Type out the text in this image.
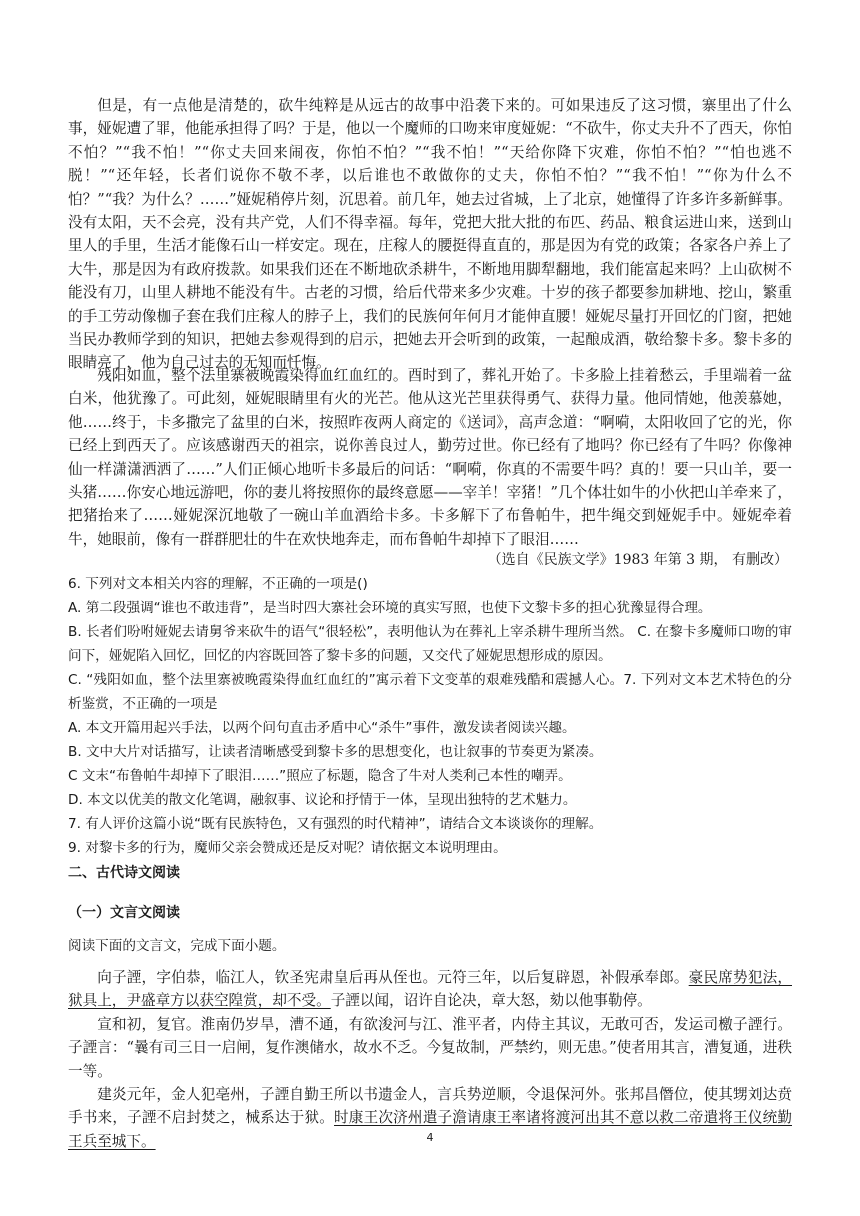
但是，有一点他是清楚的，砍牛纯粹是从远古的故事中沿袭下来的。可如果违反了这习惯，寨里出了什么事，娅妮遭了罪，他能承担得了吗？于是，他以一个魔师的口吻来审度娅妮：“不砍牛，你丈夫升不了西天，你怕不怕？”“我不怕！”“你丈夫回来闹夜，你怕不怕？”“我不怕！”“天给你降下灾难，你怕不怕？”“怕也逃不脱！”“还年轻，长者们说你不敬不孝，以后谁也不敢做你的丈夫，你怕不怕？”“我不怕！”“你为什么不怕？”“我？为什么？……”娅妮稍停片刻，沉思着。前几年，她去过省城，上了北京，她懂得了许多许多新鲜事。没有太阳，天不会亮，没有共产党，人们不得幸福。每年，党把大批大批的布匹、药品、粮食运进山来，送到山里人的手里，生活才能像石山一样安定。现在，庄稼人的腰挺得直直的，那是因为有党的政策；各家各户养上了大牛，那是因为有政府拨款。如果我们还在不断地砍杀耕牛，不断地用脚犁翻地，我们能富起来吗？上山砍树不能没有刀，山里人耕地不能没有牛。古老的习惯，给后代带来多少灾难。十岁的孩子都要参加耕地、挖山，繁重的手工劳动像枷子套在我们庄稼人的脖子上，我们的民族何年何月才能伸直腰！娅妮尽量打开回忆的门窗，把她当民办教师学到的知识，把她去参观得到的启示，把她去开会听到的政策，一起酿成酒，敬给黎卡多。黎卡多的眼睛亮了，他为自己过去的无知而忏悔。

残阳如血，整个法里寨被晚霞染得血红血红的。酉时到了，葬礼开始了。卡多脸上挂着愁云，手里端着一盆白米，他犹豫了。可此刻，娅妮眼睛里有火的光芒。他从这光芒里获得勇气、获得力量。他同情她，他羡慕她，他……终于，卡多撒完了盆里的白米，按照昨夜两人商定的《送词》，高声念道：“啊嗬，太阳收回了它的光，你已经上到西天了。应该感谢西天的祖宗，说你善良过人，勤劳过世。你已经有了地吗？你已经有了牛吗？你像神仙一样潇潇洒洒了……”人们正倾心地听卡多最后的问话：“啊嗬，你真的不需要牛吗？真的！要一只山羊，要一头猪……你安心地远游吧，你的妻儿将按照你的最终意愿——宰羊！宰猪！”几个体壮如牛的小伙把山羊牵来了，把猪抬来了……娅妮深沉地敬了一碗山羊血酒给卡多。卡多解下了布鲁帕牛，把牛绳交到娅妮手中。娅妮牵着牛，她眼前，像有一群群肥壮的牛在欢快地奔走，而布鲁帕牛却掉下了眼泪……

（选自《民族文学》1983 年第 3 期， 有删改）

6. 下列对文本相关内容的理解，不正确的一项是()

A. 第二段强调“谁也不敢违背”，是当时四大寨社会环境的真实写照，也使下文黎卡多的担心犹豫显得合理。

B. 长者们吩咐娅妮去请舅爷来砍牛的语气“很轻松”，表明他认为在葬礼上宰杀耕牛理所当然。 C. 在黎卡多魔师口吻的审问下，娅妮陷入回忆，回忆的内容既回答了黎卡多的问题，又交代了娅妮思想形成的原因。

C. “残阳如血，整个法里寨被晚霞染得血红血红的”寓示着下文变革的艰难残酷和震撼人心。7. 下列对文本艺术特色的分析鉴赏，不正确的一项是

A. 本文开篇用起兴手法，以两个问句直击矛盾中心“杀牛”事件，激发读者阅读兴趣。

B. 文中大片对话描写，让读者清晰感受到黎卡多的思想变化，也让叙事的节奏更为紧凑。

C 文末“布鲁帕牛却掉下了眼泪……”照应了标题，隐含了牛对人类利己本性的嘲弄。

D. 本文以优美的散文化笔调，融叙事、议论和抒情于一体，呈现出独特的艺术魅力。

7. 有人评价这篇小说“既有民族特色，又有强烈的时代精神”，请结合文本谈谈你的理解。

9. 对黎卡多的行为，魔师父亲会赞成还是反对呢？请依据文本说明理由。

二、古代诗文阅读
（一）文言文阅读

阅读下面的文言文，完成下面小题。

向子諲，字伯恭，临江人，钦圣宪肃皇后再从侄也。元符三年，以后复辟恩，补假承奉郎。豪民席势犯法，狱具上，尹盛章方以获空隍赏，却不受。子諲以闻，诏许自论决，章大怒，劾以他事勒停。

宣和初，复官。淮南仍岁旱，漕不通，有欲浚河与江、淮平者，内侍主其议，无敢可否，发运司檄子諲行。子諲言：“曩有司三日一启闸，复作澳储水，故水不乏。今复故制，严禁约，则无患。”使者用其言，漕复通，进秩一等。

建炎元年，金人犯亳州，子諲自勤王所以书遗金人，言兵势逆顺，令退保河外。张邦昌僭位，使其甥刘达贲手书来，子諲不启封焚之，械系达于狱。时康王次济州遣子澹请康王率诸将渡河出其不意以救二帝遣将王仪统勤王兵至城下。	4
